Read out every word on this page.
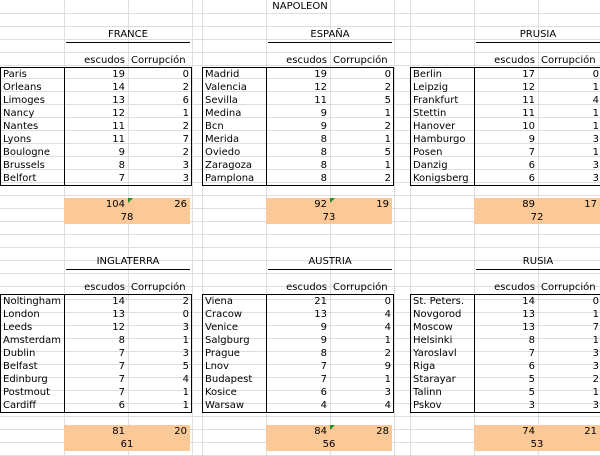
NAPOLEON
FRANCE
escudos Corrupción
Paris	19	0
Orleans	14	2
Limoges	13	6
Nancy	12	1
Nantes	11	2
Lyons	11	7
Boulogne	9	2
Brussels	8	3
Belfort	7	3
104	26
78
ESPAÑA
escudos Corrupción
Madrid	19	0
Valencia	12	2
Sevilla	11	5
Medina	9	1
Bcn	9	2
Merida	8	1
Oviedo	8	5
Zaragoza	8	1
Pamplona	8	2
92	19
73
PRUSIA
escudos Corrupción
Berlin	17	0
Leipzig	12	1
Frankfurt	11	4
Stettin	11	1
Hanover	10	1
Hamburgo	9	3
Posen	7	1
Danzig	6	3
Konigsberg	6	3
89	17
72
INGLATERRA
escudos Corrupción
Noltingham	14	2
London	13	0
Leeds	12	3
Amsterdam	8	1
Dublin	7	3
Belfast	7	5
Edinburg	7	4
Postmout	7	1
Cardiff	6	1
81	20
61
AUSTRIA
escudos Corrupción
Viena	21	0
Cracow	13	4
Venice	9	4
Salgburg	9	1
Prague	8	2
Lnov	7	9
Budapest	7	1
Kosice	6	3
Warsaw	4	4
84	28
56
RUSIA
escudos Corrupción
St. Peters.	14	0
Novgorod	13	1
Moscow	13	7
Helsinki	8	1
Yaroslavl	7	3
Riga	6	3
Starayar	5	2
Talinn	5	1
Pskov	3	3
74	21
53
